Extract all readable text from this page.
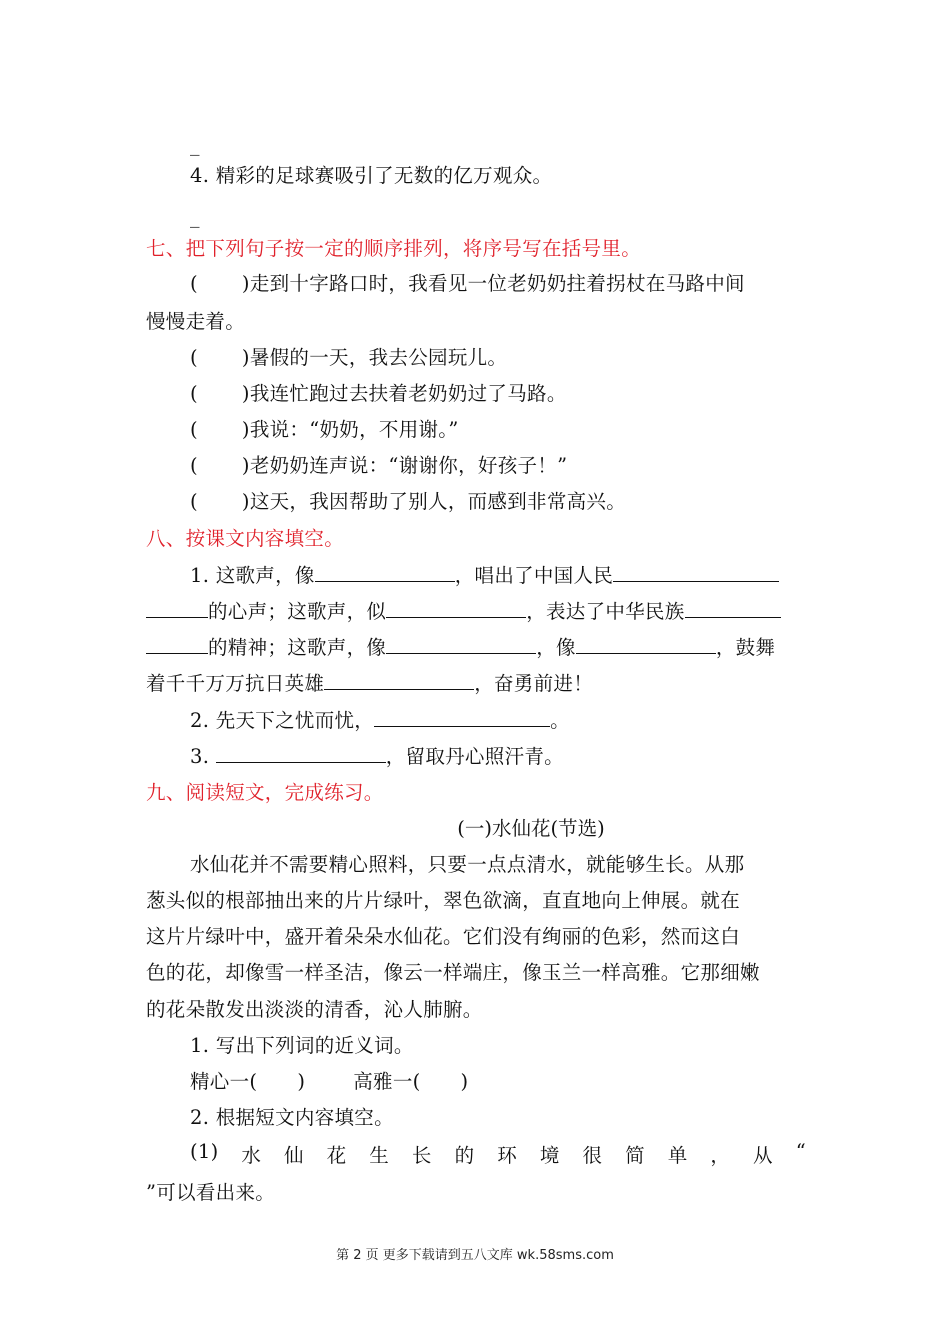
_
4. 精彩的足球赛吸引了无数的亿万观众。
_
七、把下列句子按一定的顺序排列，将序号写在括号里。
( )走到十字路口时，我看见一位老奶奶拄着拐杖在马路中间
慢慢走着。
( )暑假的一天，我去公园玩儿。
( )我连忙跑过去扶着老奶奶过了马路。
( )我说：“奶奶，不用谢。”
( )老奶奶连声说：“谢谢你，好孩子！”
( )这天，我因帮助了别人，而感到非常高兴。
八、按课文内容填空。
1. 这歌声，像	，唱出了中国人民
的心声；这歌声，似	，表达了中华民族
的精神；这歌声，像	，像	，鼓舞
着千千万万抗日英雄	，奋勇前进！
2. 先天下之忧而忧，	。
3.	，留取丹心照汗青。
九、阅读短文，完成练习。
(一)水仙花(节选)
水仙花并不需要精心照料，只要一点点清水，就能够生长。从那
葱头似的根部抽出来的片片绿叶，翠色欲滴，直直地向上伸展。就在
这片片绿叶中，盛开着朵朵水仙花。它们没有绚丽的色彩，然而这白
色的花，却像雪一样圣洁，像云一样端庄，像玉兰一样高雅。它那细嫩
的花朵散发出淡淡的清香，沁人肺腑。
1. 写出下列词的近义词。
精心一( ) 高雅一( )
2. 根据短文内容填空。
(1) 水 仙 花 生 长 的 环 境 很 简 单 ， 从 “
”可以看出来。
第 2 页 更多下载请到五八文库 wk.58sms.com
